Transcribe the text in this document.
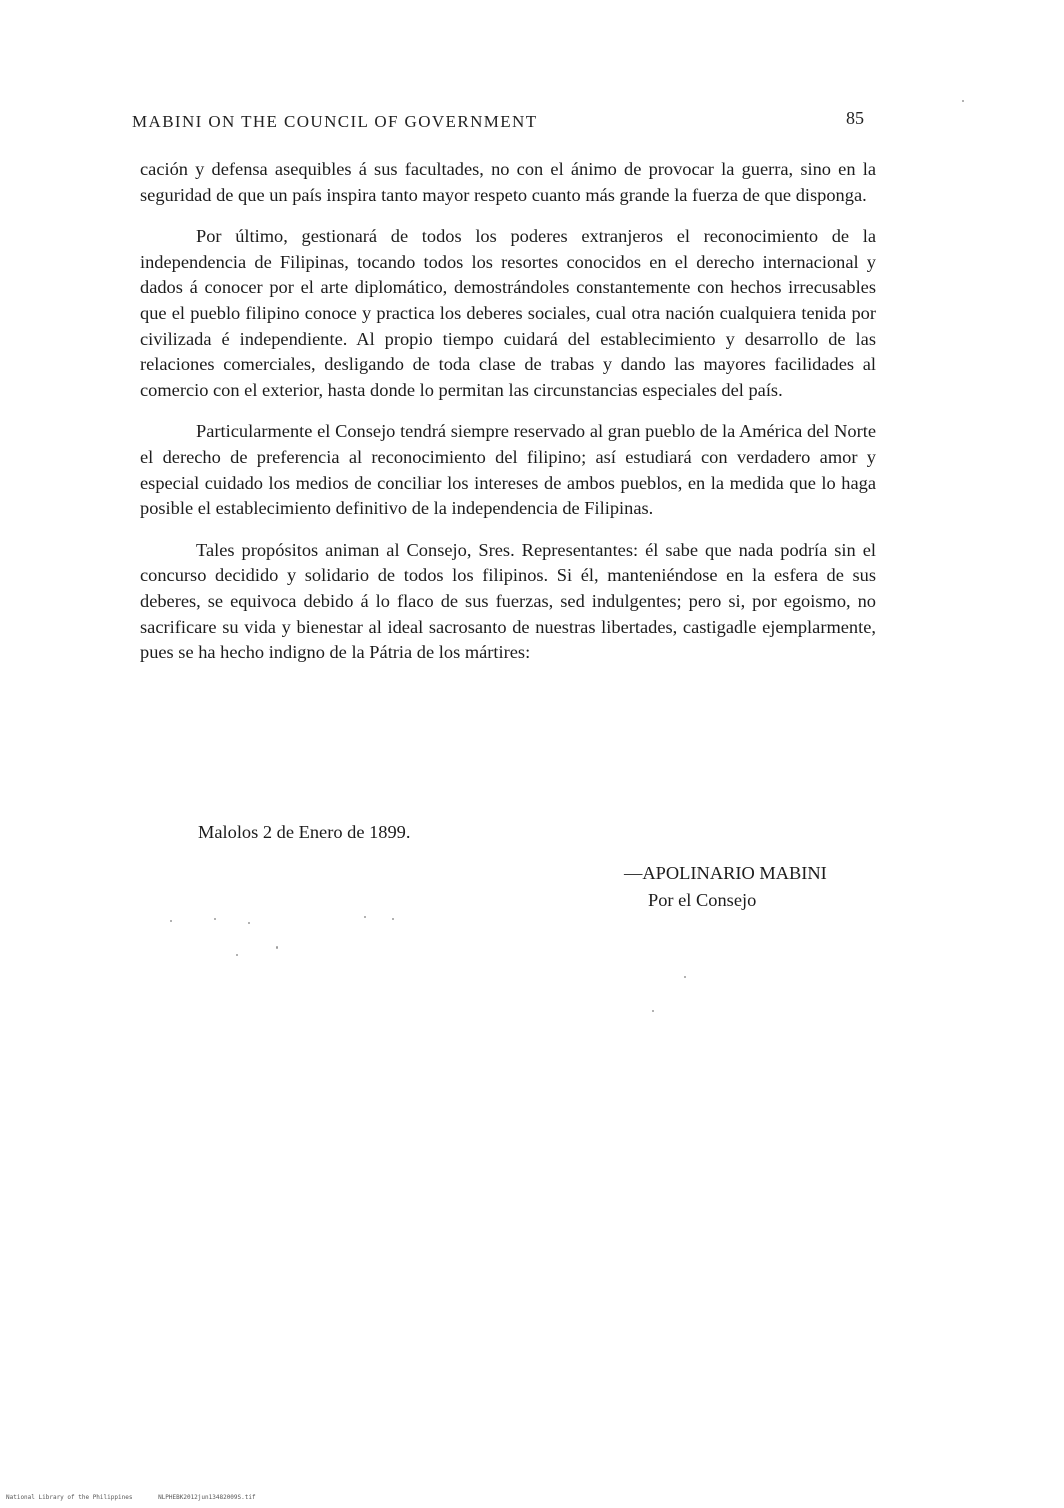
MABINI ON THE COUNCIL OF GOVERNMENT	85

cación y defensa asequibles á sus facultades, no con el ánimo de provocar la guerra, sino en la seguridad de que un país inspira tanto mayor respeto cuanto más grande la fuerza de que disponga.

Por último, gestionará de todos los poderes extranjeros el reconocimiento de la independencia de Filipinas, tocando todos los resortes conocidos en el derecho internacional y dados á conocer por el arte diplomático, demostrándoles constantemente con hechos irrecusables que el pueblo filipino conoce y practica los deberes sociales, cual otra nación cualquiera tenida por civilizada é independiente. Al propio tiempo cuidará del establecimiento y desarrollo de las relaciones comerciales, desligando de toda clase de trabas y dando las mayores facilidades al comercio con el exterior, hasta donde lo permitan las circunstancias especiales del país.

Particularmente el Consejo tendrá siempre reservado al gran pueblo de la América del Norte el derecho de preferencia al reconocimiento del filipino; así estudiará con verdadero amor y especial cuidado los medios de conciliar los intereses de ambos pueblos, en la medida que lo haga posible el establecimiento definitivo de la independencia de Filipinas.

Tales propósitos animan al Consejo, Sres. Representantes: él sabe que nada podría sin el concurso decidido y solidario de todos los filipinos. Si él, manteniéndose en la esfera de sus deberes, se equivoca debido á lo flaco de sus fuerzas, sed indulgentes; pero si, por egoismo, no sacrificare su vida y bienestar al ideal sacrosanto de nuestras libertades, castigadle ejemplarmente, pues se ha hecho indigno de la Pátria de los mártires:

Malolos 2 de Enero de 1899.
—APOLINARIO MABINI
Por el Consejo
National Library of the Philippines	NLPHEBK2012jun13482009S.tif
